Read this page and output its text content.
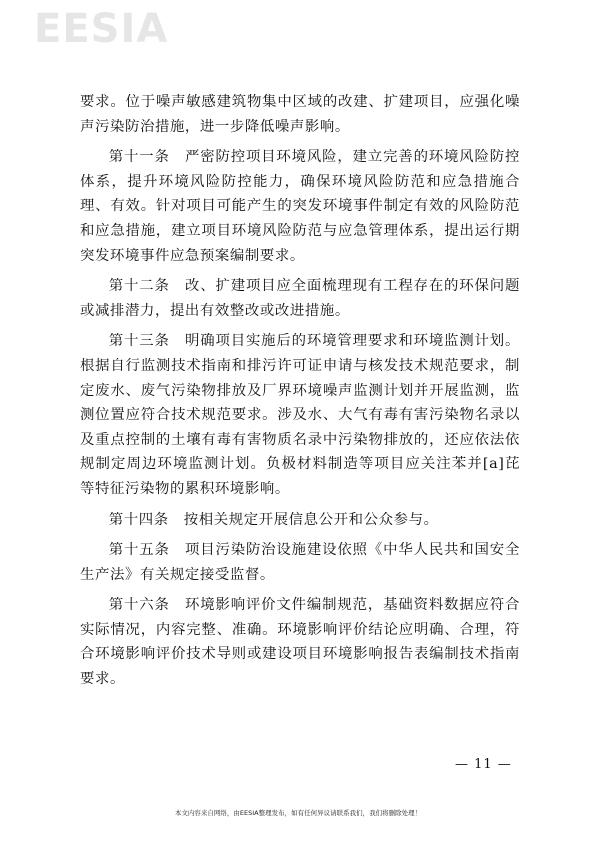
EESIA

要求。位于噪声敏感建筑物集中区域的改建、扩建项目，应强化噪声污染防治措施，进一步降低噪声影响。

第十一条　严密防控项目环境风险，建立完善的环境风险防控体系，提升环境风险防控能力，确保环境风险防范和应急措施合理、有效。针对项目可能产生的突发环境事件制定有效的风险防范和应急措施，建立项目环境风险防范与应急管理体系，提出运行期突发环境事件应急预案编制要求。

第十二条　改、扩建项目应全面梳理现有工程存在的环保问题或减排潜力，提出有效整改或改进措施。

第十三条　明确项目实施后的环境管理要求和环境监测计划。根据自行监测技术指南和排污许可证申请与核发技术规范要求，制定废水、废气污染物排放及厂界环境噪声监测计划并开展监测，监测位置应符合技术规范要求。涉及水、大气有毒有害污染物名录以及重点控制的土壤有毒有害物质名录中污染物排放的，还应依法依规制定周边环境监测计划。负极材料制造等项目应关注苯并[a]芘等特征污染物的累积环境影响。

第十四条　按相关规定开展信息公开和公众参与。

第十五条　项目污染防治设施建设依照《中华人民共和国安全生产法》有关规定接受监督。

第十六条　环境影响评价文件编制规范，基础资料数据应符合实际情况，内容完整、准确。环境影响评价结论应明确、合理，符合环境影响评价技术导则或建设项目环境影响报告表编制技术指南要求。

— 11 —
本文内容来自网络，由EESIA整理发布，如有任何异议请联系我们，我们将删除处理！
